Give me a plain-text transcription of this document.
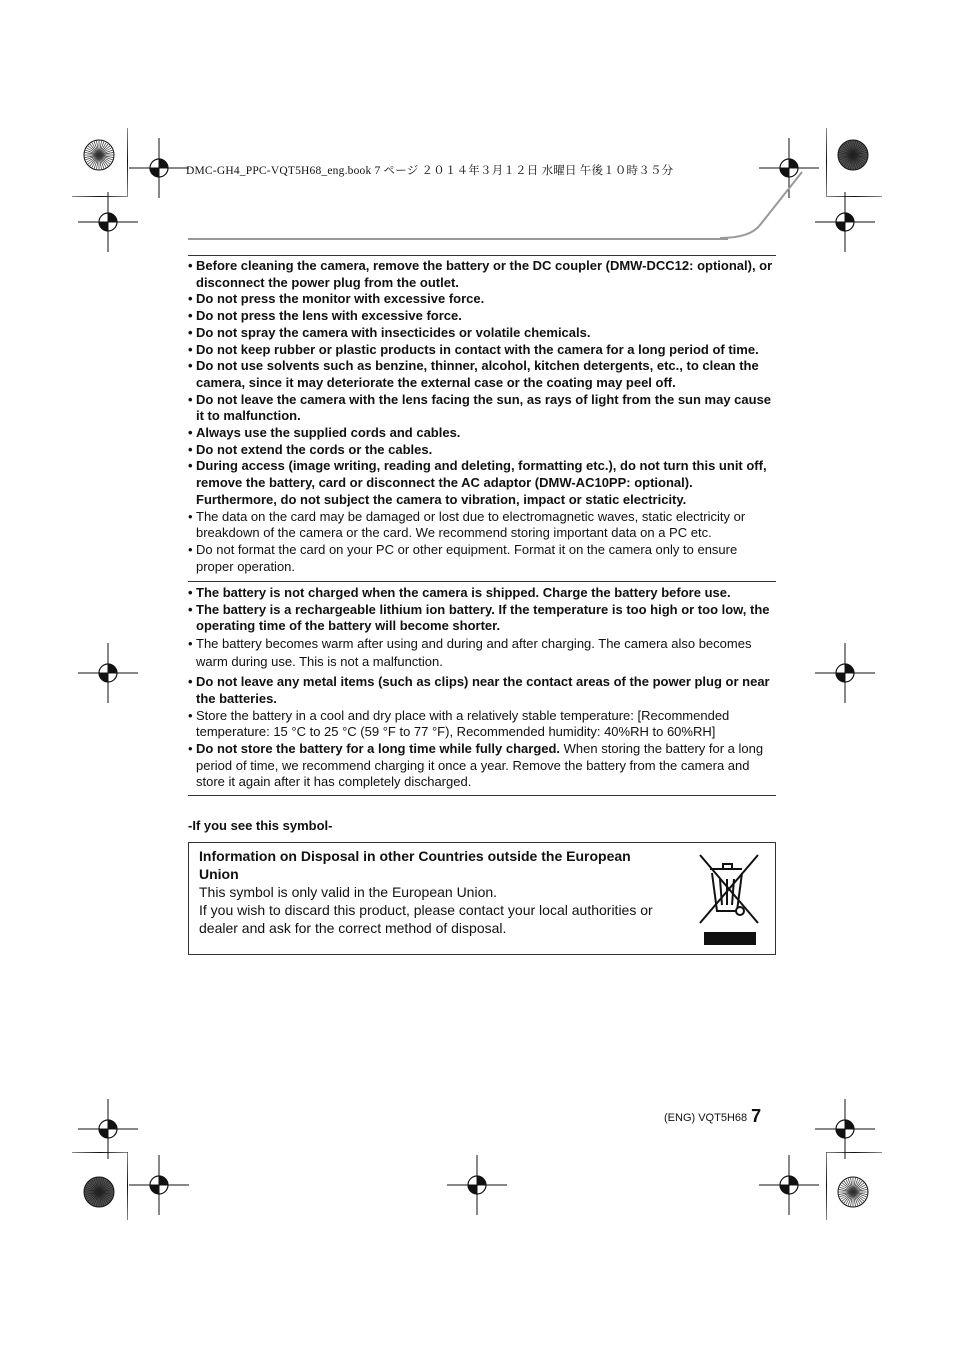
DMC-GH4_PPC-VQT5H68_eng.book 7 ページ ２０１４年３月１２日 水曜日 午後１０時３５分

• Before cleaning the camera, remove the battery or the DC coupler (DMW-DCC12: optional), or disconnect the power plug from the outlet.

• Do not press the monitor with excessive force.

• Do not press the lens with excessive force.

• Do not spray the camera with insecticides or volatile chemicals.

• Do not keep rubber or plastic products in contact with the camera for a long period of time.

• Do not use solvents such as benzine, thinner, alcohol, kitchen detergents, etc., to clean the camera, since it may deteriorate the external case or the coating may peel off.

• Do not leave the camera with the lens facing the sun, as rays of light from the sun may cause it to malfunction.

• Always use the supplied cords and cables.

• Do not extend the cords or the cables.

• During access (image writing, reading and deleting, formatting etc.), do not turn this unit off, remove the battery, card or disconnect the AC adaptor (DMW-AC10PP: optional). Furthermore, do not subject the camera to vibration, impact or static electricity.

• The data on the card may be damaged or lost due to electromagnetic waves, static electricity or breakdown of the camera or the card. We recommend storing important data on a PC etc.

• Do not format the card on your PC or other equipment. Format it on the camera only to ensure proper operation.

• The battery is not charged when the camera is shipped. Charge the battery before use.

• The battery is a rechargeable lithium ion battery. If the temperature is too high or too low, the operating time of the battery will become shorter.

• The battery becomes warm after using and during and after charging. The camera also becomes warm during use. This is not a malfunction.

• Do not leave any metal items (such as clips) near the contact areas of the power plug or near the batteries.

• Store the battery in a cool and dry place with a relatively stable temperature: [Recommended temperature: 15 °C to 25 °C (59 °F to 77 °F), Recommended humidity: 40%RH to 60%RH]

• Do not store the battery for a long time while fully charged. When storing the battery for a long period of time, we recommend charging it once a year. Remove the battery from the camera and store it again after it has completely discharged.

-If you see this symbol-
Information on Disposal in other Countries outside the European Union
This symbol is only valid in the European Union.
If you wish to discard this product, please contact your local authorities or dealer and ask for the correct method of disposal.
(ENG) VQT5H68 7
